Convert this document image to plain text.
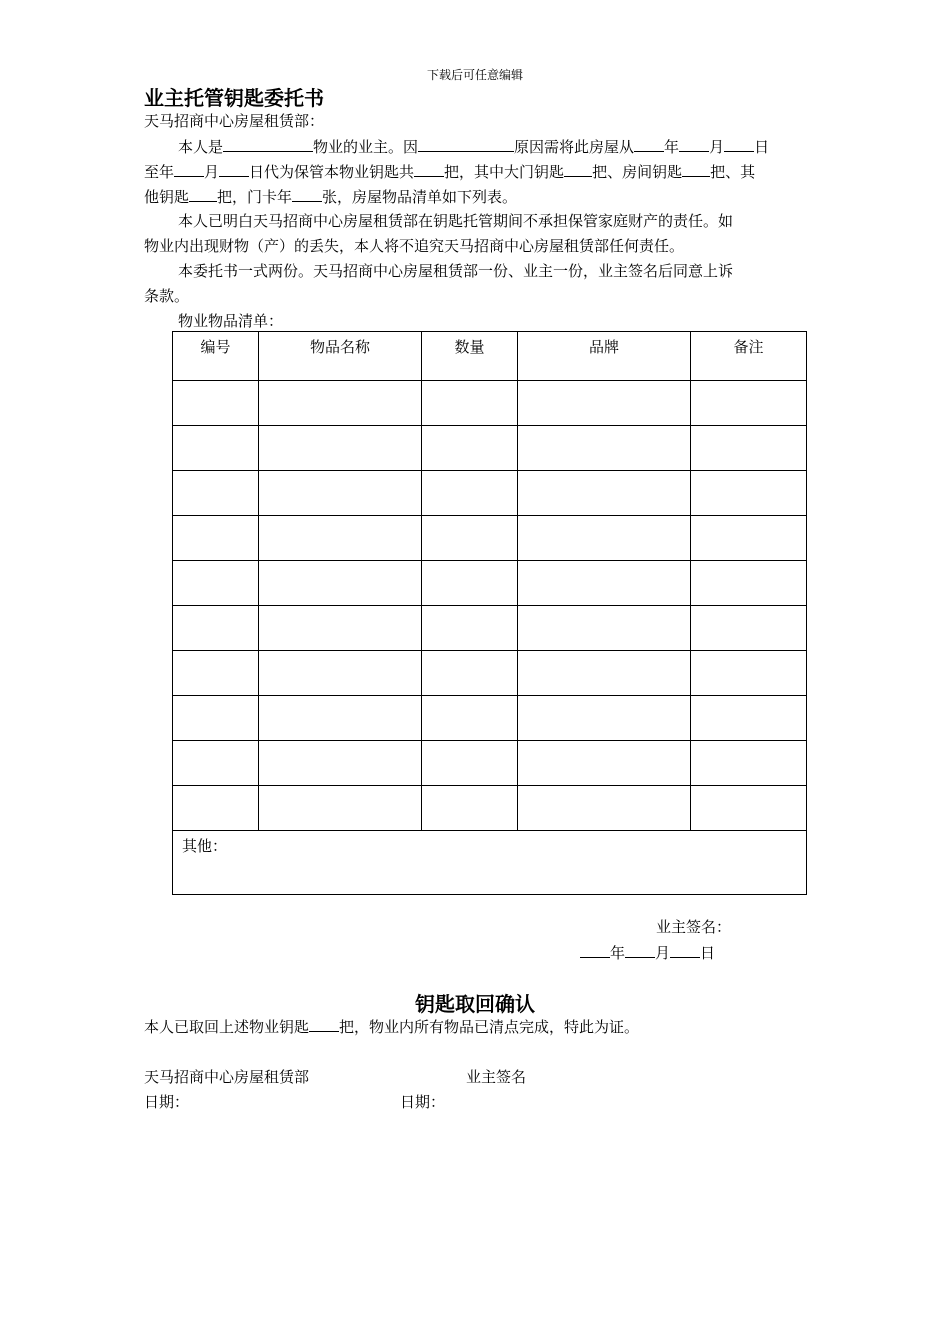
下载后可任意编辑
业主托管钥匙委托书
天马招商中心房屋租赁部：
本人是	物业的业主。因	原因需将此房屋从 年 月 日
至年 月 日代为保管本物业钥匙共 把，其中大门钥匙 把、房间钥匙 把、其
他钥匙 把，门卡年 张，房屋物品清单如下列表。
本人已明白天马招商中心房屋租赁部在钥匙托管期间不承担保管家庭财产的责任。如
物业内出现财物（产）的丢失，本人将不追究天马招商中心房屋租赁部任何责任。
本委托书一式两份。天马招商中心房屋租赁部一份、业主一份，业主签名后同意上诉
条款。
物业物品清单：
编号	物品名称	数量	品牌	备注

其他：				
业主签名：
年 月 日
钥匙取回确认
本人已取回上述物业钥匙 把，物业内所有物品已清点完成，特此为证。
天马招商中心房屋租赁部	业主签名
日期：	日期：
